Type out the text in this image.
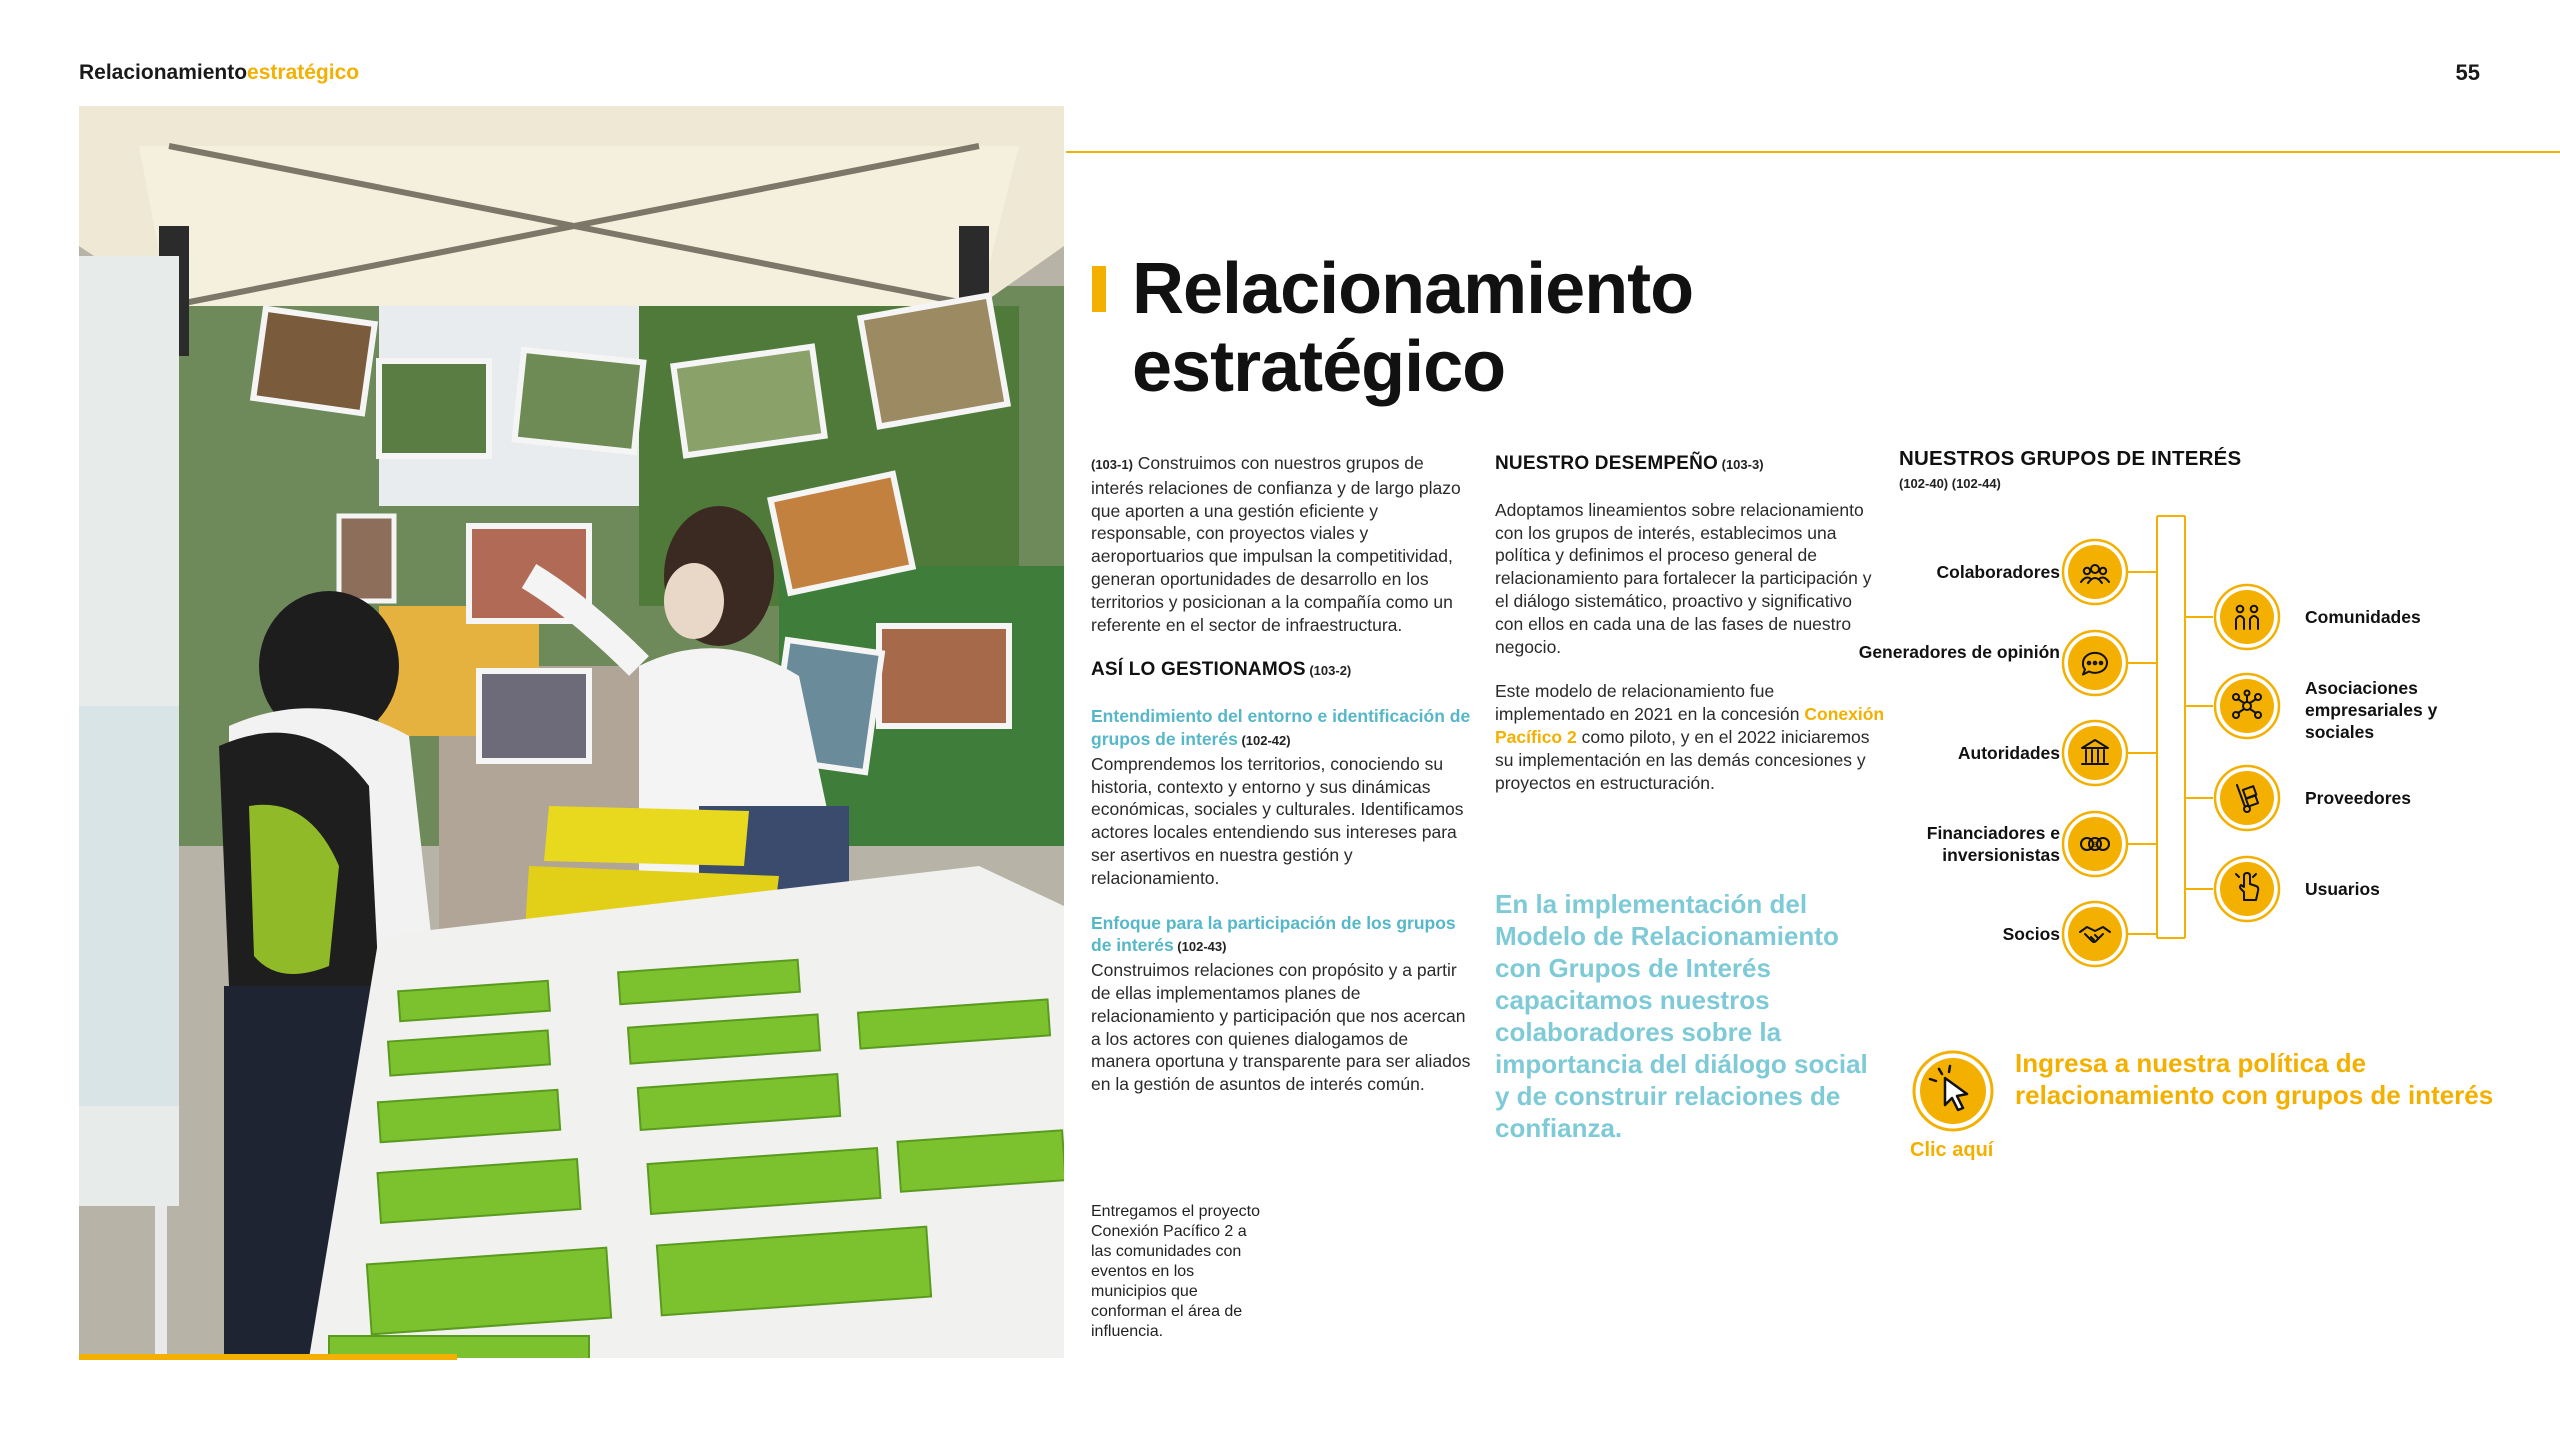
Relacionamientoestratégico	55
Relacionamiento
estratégico

(103-1) Construimos con nuestros grupos de interés relaciones de confianza y de largo plazo que aporten a una gestión eficiente y responsable, con proyectos viales y aeroportuarios que impulsan la competitividad, generan oportunidades de desarrollo en los territorios y posicionan a la compañía como un referente en el sector de infraestructura.

ASÍ LO GESTIONAMOS (103-2)

Entendimiento del entorno e identificación de grupos de interés (102-42)
Comprendemos los territorios, conociendo su historia, contexto y entorno y sus dinámicas económicas, sociales y culturales. Identificamos actores locales entendiendo sus intereses para ser asertivos en nuestra gestión y relacionamiento.

Enfoque para la participación de los grupos de interés (102-43)
Construimos relaciones con propósito y a partir de ellas implementamos planes de relacionamiento y participación que nos acercan a los actores con quienes dialogamos de manera oportuna y transparente para ser aliados en la gestión de asuntos de interés común.

Entregamos el proyecto Conexión Pacífico 2 a las comunidades con eventos en los municipios que conforman el área de influencia.

NUESTRO DESEMPEÑO (103-3)

Adoptamos lineamientos sobre relacionamiento con los grupos de interés, establecimos una política y definimos el proceso general de relacionamiento para fortalecer la participación y el diálogo sistemático, proactivo y significativo con ellos en cada una de las fases de nuestro negocio.

Este modelo de relacionamiento fue implementado en 2021 en la concesión Conexión Pacífico 2 como piloto, y en el 2022 iniciaremos su implementación en las demás concesiones y proyectos en estructuración.

En la implementación del Modelo de Relacionamiento con Grupos de Interés capacitamos nuestros colaboradores sobre la importancia del diálogo social y de construir relaciones de confianza.
NUESTROS GRUPOS DE INTERÉS
(102-40) (102-44)
Colaboradores
Generadores de opinión
Autoridades
$
Financiadores e inversionistas
Socios
Comunidades
Asociaciones empresariales y sociales
Proveedores
Usuarios
Ingresa a nuestra política de relacionamiento con grupos de interés
Clic aquí
